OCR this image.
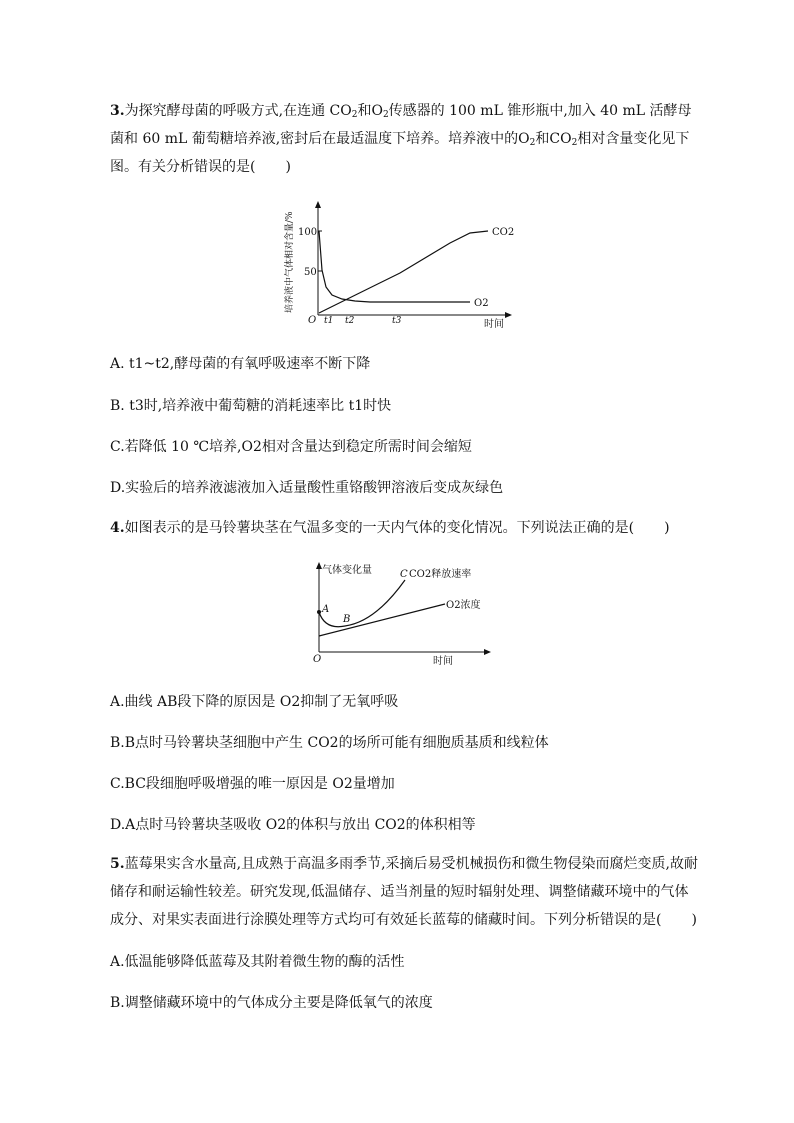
3.为探究酵母菌的呼吸方式,在连通 $CO_2$和$O_2$传感器的 100 mL 锥形瓶中,加入 40 mL 活酵母菌和 60 mL 葡萄糖培养液,密封后在最适温度下培养。培养液中的$O_2$和$CO_2$相对含量变化见下图。有关分析错误的是( )
100
50
培养液中气体相对含量/%	CO2
O2
O t1 t2	t3	时间
A. t1~t2,酵母菌的有氧呼吸速率不断下降
B. t3时,培养液中葡萄糖的消耗速率比 t1时快
C.若降低 10 ℃培养,O2相对含量达到稳定所需时间会缩短
D.实验后的培养液滤液加入适量酸性重铬酸钾溶液后变成灰绿色
4.如图表示的是马铃薯块茎在气温多变的一天内气体的变化情况。下列说法正确的是( )
气体变化量
O	时间
A
B
C CO2释放速率
O2浓度
A.曲线 AB段下降的原因是 O2抑制了无氧呼吸
B.B点时马铃薯块茎细胞中产生 CO2的场所可能有细胞质基质和线粒体
C.BC段细胞呼吸增强的唯一原因是 O2量增加
D.A点时马铃薯块茎吸收 O2的体积与放出 CO2的体积相等
5.蓝莓果实含水量高,且成熟于高温多雨季节,采摘后易受机械损伤和微生物侵染而腐烂变质,故耐储存和耐运输性较差。研究发现,低温储存、适当剂量的短时辐射处理、调整储藏环境中的气体成分、对果实表面进行涂膜处理等方式均可有效延长蓝莓的储藏时间。下列分析错误的是( )
A.低温能够降低蓝莓及其附着微生物的酶的活性
B.调整储藏环境中的气体成分主要是降低氧气的浓度
